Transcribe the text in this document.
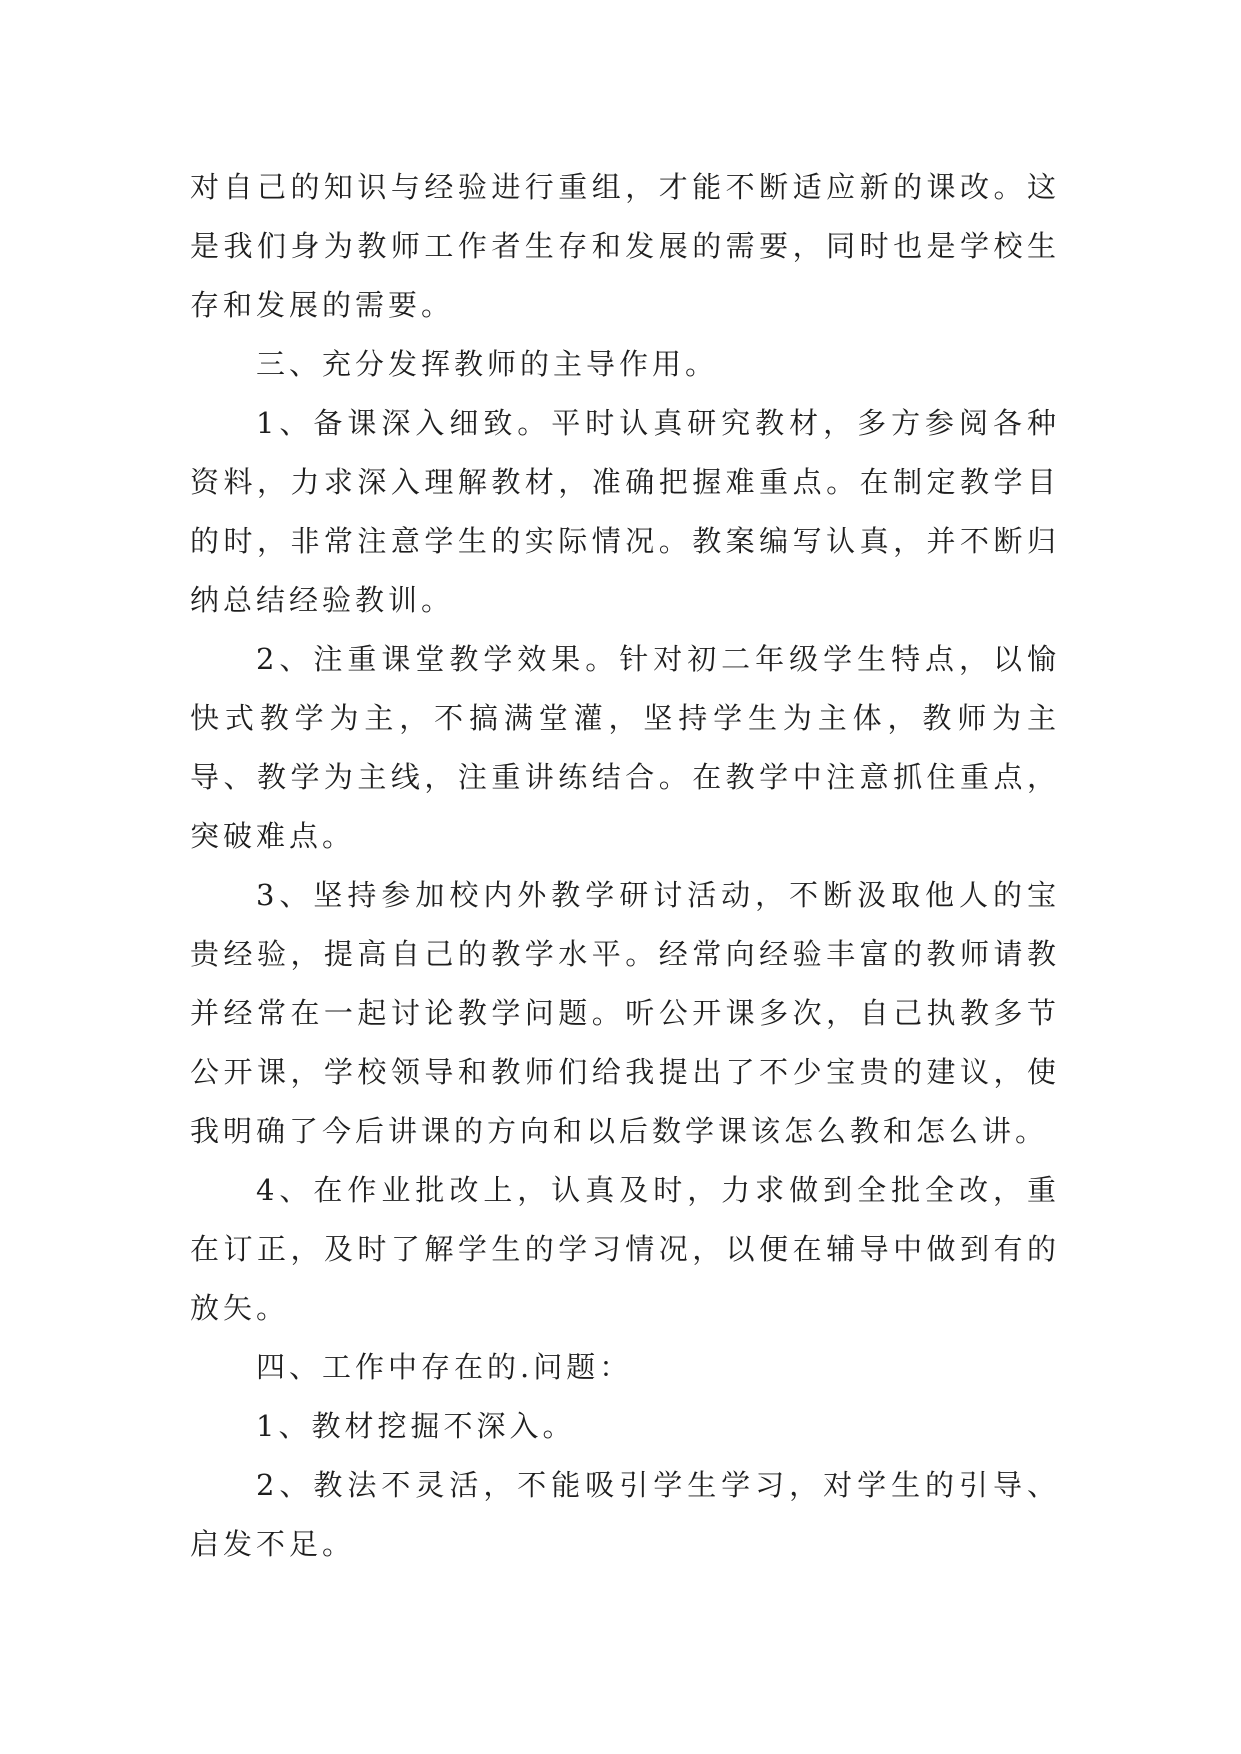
对自己的知识与经验进行重组，才能不断适应新的课改。这是我们身为教师工作者生存和发展的需要，同时也是学校生存和发展的需要。

三、充分发挥教师的主导作用。

1、备课深入细致。平时认真研究教材，多方参阅各种资料，力求深入理解教材，准确把握难重点。在制定教学目的时，非常注意学生的实际情况。教案编写认真，并不断归纳总结经验教训。

2、注重课堂教学效果。针对初二年级学生特点，以愉快式教学为主，不搞满堂灌，坚持学生为主体，教师为主导、教学为主线，注重讲练结合。在教学中注意抓住重点，突破难点。

3、坚持参加校内外教学研讨活动，不断汲取他人的宝贵经验，提高自己的教学水平。经常向经验丰富的教师请教并经常在一起讨论教学问题。听公开课多次，自己执教多节公开课，学校领导和教师们给我提出了不少宝贵的建议，使我明确了今后讲课的方向和以后数学课该怎么教和怎么讲。

4、在作业批改上，认真及时，力求做到全批全改，重在订正，及时了解学生的学习情况，以便在辅导中做到有的放矢。

四、工作中存在的.问题：

1、教材挖掘不深入。

2、教法不灵活，不能吸引学生学习，对学生的引导、启发不足。
